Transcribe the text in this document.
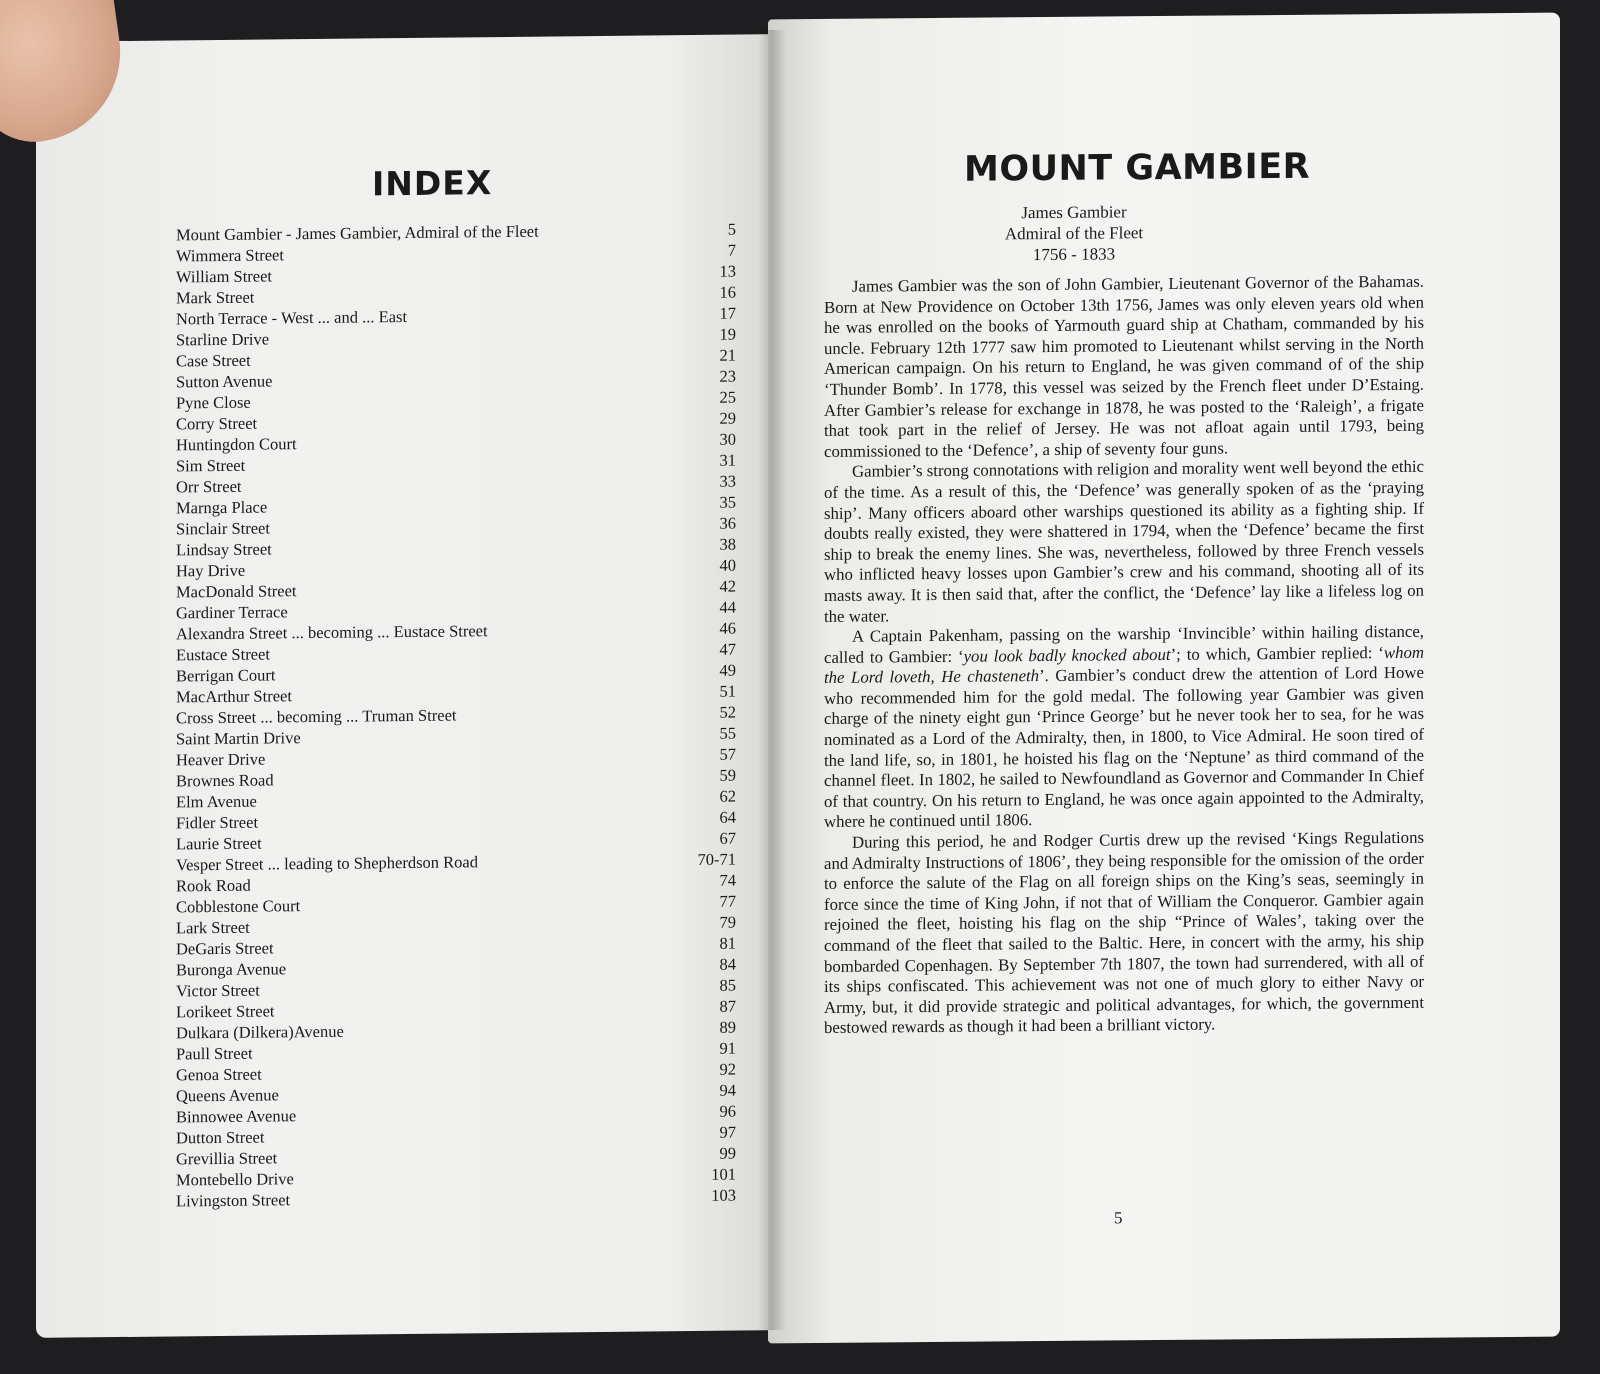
INDEX
Mount Gambier - James Gambier, Admiral of the Fleet	5
Wimmera Street	7
William Street	13
Mark Street	16
North Terrace - West ... and ... East	17
Starline Drive	19
Case Street	21
Sutton Avenue	23
Pyne Close	25
Corry Street	29
Huntingdon Court	30
Sim Street	31
Orr Street	33
Marnga Place	35
Sinclair Street	36
Lindsay Street	38
Hay Drive	40
MacDonald Street	42
Gardiner Terrace	44
Alexandra Street ... becoming ... Eustace Street	46
Eustace Street	47
Berrigan Court	49
MacArthur Street	51
Cross Street ... becoming ... Truman Street	52
Saint Martin Drive	55
Heaver Drive	57
Brownes Road	59
Elm Avenue	62
Fidler Street	64
Laurie Street	67
Vesper Street ... leading to Shepherdson Road	70-71
Rook Road	74
Cobblestone Court	77
Lark Street	79
DeGaris Street	81
Buronga Avenue	84
Victor Street	85
Lorikeet Street	87
Dulkara (Dilkera)Avenue	89
Paull Street	91
Genoa Street	92
Queens Avenue	94
Binnowee Avenue	96
Dutton Street	97
Grevillia Street	99
Montebello Drive	101
Livingston Street	103
MOUNT GAMBIER
James Gambier
Admiral of the Fleet
1756 - 1833

James Gambier was the son of John Gambier, Lieutenant Governor of the Bahamas. Born at New Providence on October 13th 1756, James was only eleven years old when he was enrolled on the books of Yarmouth guard ship at Chatham, commanded by his uncle. February 12th 1777 saw him promoted to Lieutenant whilst serving in the North American campaign. On his return to England, he was given command of of the ship ‘Thunder Bomb’. In 1778, this vessel was seized by the French fleet under D’Estaing. After Gambier’s release for exchange in 1878, he was posted to the ‘Raleigh’, a frigate that took part in the relief of Jersey. He was not afloat again until 1793, being commissioned to the ‘Defence’, a ship of seventy four guns.

Gambier’s strong connotations with religion and morality went well beyond the ethic of the time. As a result of this, the ‘Defence’ was generally spoken of as the ‘praying ship’. Many officers aboard other warships questioned its ability as a fighting ship. If doubts really existed, they were shattered in 1794, when the ‘Defence’ became the first ship to break the enemy lines. She was, nevertheless, followed by three French vessels who inflicted heavy losses upon Gambier’s crew and his command, shooting all of its masts away. It is then said that, after the conflict, the ‘Defence’ lay like a lifeless log on the water.

A Captain Pakenham, passing on the warship ‘Invincible’ within hailing distance, called to Gambier: ‘you look badly knocked about’; to which, Gambier replied: ‘whom the Lord loveth, He chasteneth’. Gambier’s conduct drew the attention of Lord Howe who recommended him for the gold medal. The following year Gambier was given charge of the ninety eight gun ‘Prince George’ but he never took her to sea, for he was nominated as a Lord of the Admiralty, then, in 1800, to Vice Admiral. He soon tired of the land life, so, in 1801, he hoisted his flag on the ‘Neptune’ as third command of the channel fleet. In 1802, he sailed to Newfoundland as Governor and Commander In Chief of that country. On his return to England, he was once again appointed to the Admiralty, where he continued until 1806.

During this period, he and Rodger Curtis drew up the revised ‘Kings Regulations and Admiralty Instructions of 1806’, they being responsible for the omission of the order to enforce the salute of the Flag on all foreign ships on the King’s seas, seemingly in force since the time of King John, if not that of William the Conqueror. Gambier again rejoined the fleet, hoisting his flag on the ship “Prince of Wales’, taking over the command of the fleet that sailed to the Baltic. Here, in concert with the army, his ship bombarded Copenhagen. By September 7th 1807, the town had surrendered, with all of its ships confiscated. This achievement was not one of much glory to either Navy or Army, but, it did provide strategic and political advantages, for which, the government bestowed rewards as though it had been a brilliant victory.

5
